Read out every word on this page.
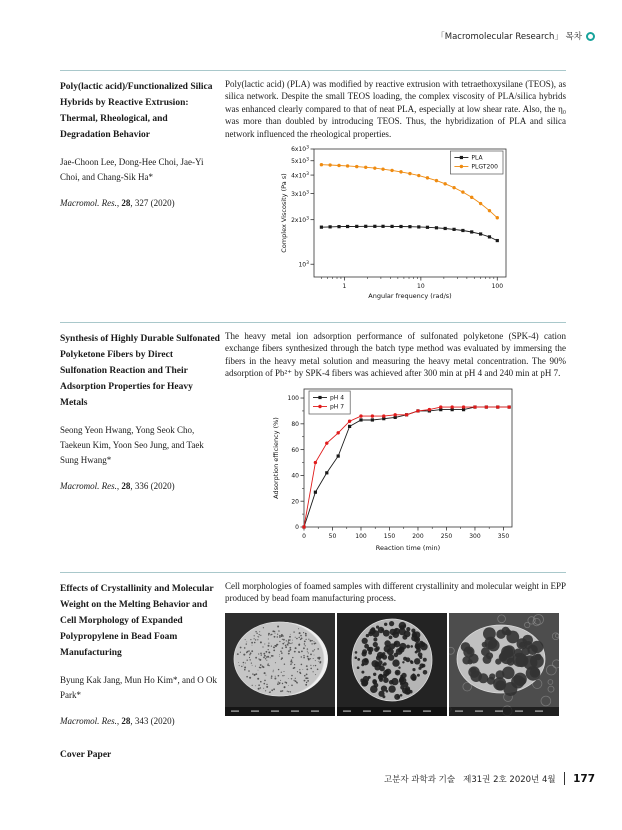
「Macromolecular Research」 목차
Poly(lactic acid)/Functionalized Silica Hybrids by Reactive Extrusion: Thermal, Rheological, and Degradation Behavior
Jae-Choon Lee, Dong-Hee Choi, Jae-Yi Choi, and Chang-Sik Ha*
Macromol. Res., 28, 327 (2020)
Poly(lactic acid) (PLA) was modified by reactive extrusion with tetraethoxysilane (TEOS), as silica network. Despite the small TEOS loading, the complex viscosity of PLA/silica hybrids was enhanced clearly compared to that of neat PLA, especially at low shear rate. Also, the η₀ was more than doubled by introducing TEOS. Thus, the hybridization of PLA and silica network influenced the rheological properties.
1	10	100
$10^3$
$2x10^3$
$3x10^3$
$4x10^3$
$5x10^3$
$6x10^3$
Angular frequency (rad/s)
Complex Viscosity (Pa s)
PLA
PLGT200
Synthesis of Highly Durable Sulfonated Polyketone Fibers by Direct Sulfonation Reaction and Their Adsorption Properties for Heavy Metals
Seong Yeon Hwang, Yong Seok Cho, Taekeun Kim, Yoon Seo Jung, and Taek Sung Hwang*
Macromol. Res., 28, 336 (2020)
The heavy metal ion adsorption performance of sulfonated polyketone (SPK-4) cation exchange fibers synthesized through the batch type method was evaluated by immersing the fibers in the heavy metal solution and measuring the heavy metal concentration. The 90% adsorption of Pb²⁺ by SPK-4 fibers was achieved after 300 min at pH 4 and 240 min at pH 7.
0	50	100	150	200	250	300	350
0
20
40
60
80
100
Reaction time (min)
Adsorption efficiency (%)
pH 4
pH 7
Effects of Crystallinity and Molecular Weight on the Melting Behavior and Cell Morphology of Expanded Polypropylene in Bead Foam Manufacturing
Byung Kak Jang, Mun Ho Kim*, and O Ok Park*
Macromol. Res., 28, 343 (2020)
Cover Paper
Cell morphologies of foamed samples with different crystallinity and molecular weight in EPP produced by bead foam manufacturing process.
고분자 과학과 기술   제31권 2호 2020년 4월 177
